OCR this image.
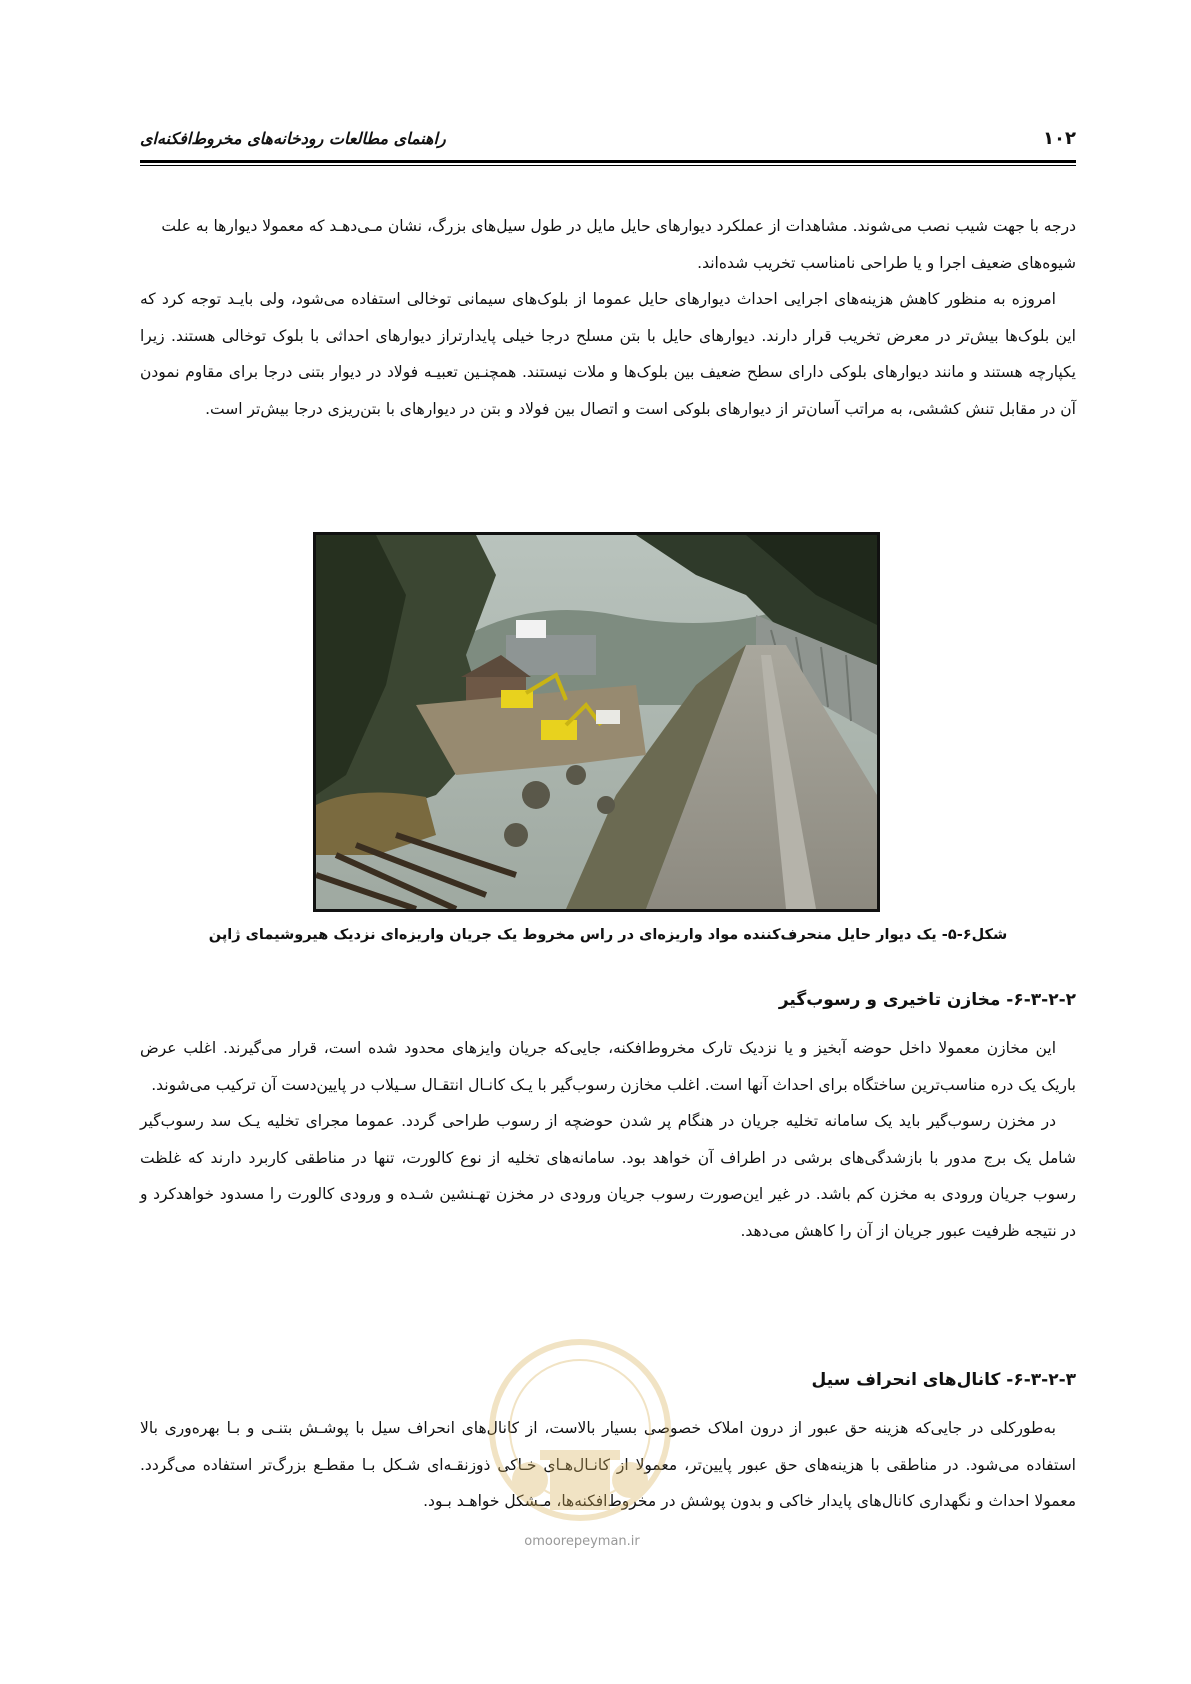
۱۰۲
راهنمای مطالعات رودخانه‌های مخروط‌افکنه‌ای

درجه با جهت شیب نصب می‌شوند. مشاهدات از عملکرد دیوارهای حایل مایل در طول سیل‌های بزرگ، نشان مـی‌دهـد که معمولا دیوارها به علت شیوه‌های ضعیف اجرا و یا طراحی نامناسب تخریب شده‌اند.

امروزه به منظور کاهش هزینه‌های اجرایی احداث دیوارهای حایل عموما از بلوک‌های سیمانی توخالی استفاده می‌شود، ولی بایـد توجه کرد که این بلوک‌ها بیش‌تر در معرض تخریب قرار دارند. دیوارهای حایل با بتن مسلح درجا خیلی پایدارتراز دیوارهای احداثی با بلوک توخالی هستند. زیرا یکپارچه هستند و مانند دیوارهای بلوکی دارای سطح ضعیف بین بلوک‌ها و ملات نیستند. همچنـین تعبیـه فولاد در دیوار بتنی درجا برای مقاوم نمودن آن در مقابل تنش کششی، به مراتب آسان‌تر از دیوارهای بلوکی است و اتصال بین فولاد و بتن در دیوارهای با بتن‌ریزی درجا بیش‌تر است.

شکل۶-۵- یک دیوار حایل منحرف‌کننده مواد واریزه‌ای در راس مخروط یک جریان واریزه‌ای نزدیک هیروشیمای ژاپن
۶-۳-۲-۲- مخازن تاخیری و رسوب‌گیر

این مخازن معمولا داخل حوضه آبخیز و یا نزدیک تارک مخروط‌افکنه، جایی‌که جریان وایزهای محدود شده است، قرار می‌گیرند. اغلب عرض باریک یک دره مناسب‌ترین ساختگاه برای احداث آنها است. اغلب مخازن رسوب‌گیر با یـک کانـال انتقـال سـیلاب در پایین‌دست آن ترکیب می‌شوند.

در مخزن رسوب‌گیر باید یک سامانه تخلیه جریان در هنگام پر شدن حوضچه از رسوب طراحی گردد. عموما مجرای تخلیه یـک سد رسوب‌گیر شامل یک برج مدور با بازشدگی‌های برشی در اطراف آن خواهد بود. سامانه‌های تخلیه از نوع کالورت، تنها در مناطقی کاربرد دارند که غلظت رسوب جریان ورودی به مخزن کم باشد. در غیر این‌صورت رسوب جریان ورودی در مخزن تهـنشین شـده و ورودی کالورت را مسدود خواهدکرد و در نتیجه ظرفیت عبور جریان از آن را کاهش می‌دهد.

۶-۳-۲-۳- کانال‌های انحراف سیل

به‌طورکلی در جایی‌که هزینه حق عبور از درون املاک خصوصی بسیار بالاست، از کانال‌های انحراف سیل با پوشـش بتنـی و بـا بهره‌وری بالا استفاده می‌شود. در مناطقی با هزینه‌های حق عبور پایین‌تر، معمولا از کانـال‌هـای خـاکی ذوزنقـه‌ای شـکل بـا مقطـع بزرگ‌تر استفاده می‌گردد. معمولا احداث و نگهداری کانال‌های پایدار خاکی و بدون پوشش در مخروط‌افکنه‌ها، مـشکل خواهـد بـود.

omoorepeyman.ir
